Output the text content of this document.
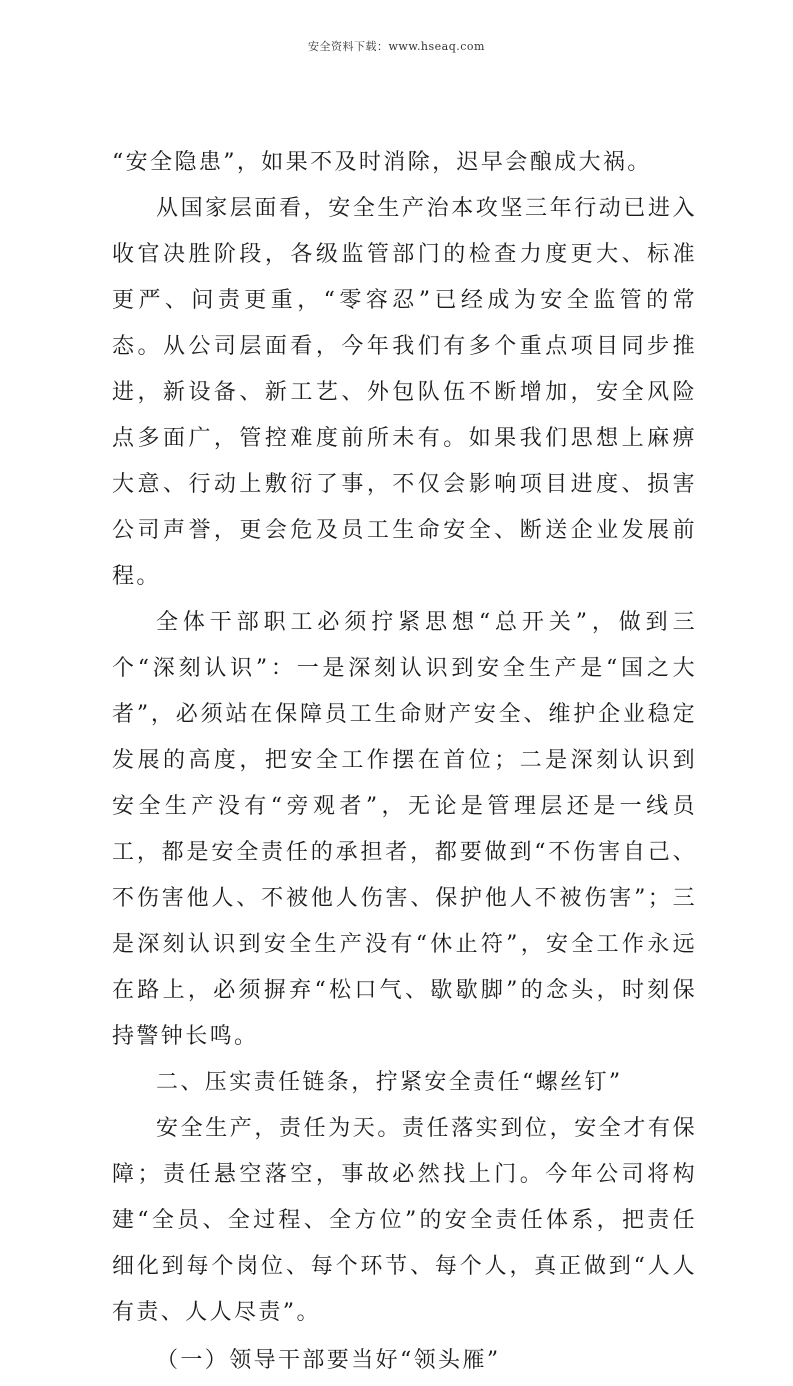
安全资料下载：www.hseaq.com

“安全隐患”，如果不及时消除，迟早会酿成大祸。

从国家层面看，安全生产治本攻坚三年行动已进入收官决胜阶段，各级监管部门的检查力度更大、标准更严、问责更重，“零容忍”已经成为安全监管的常态。从公司层面看，今年我们有多个重点项目同步推进，新设备、新工艺、外包队伍不断增加，安全风险点多面广，管控难度前所未有。如果我们思想上麻痹大意、行动上敷衍了事，不仅会影响项目进度、损害公司声誉，更会危及员工生命安全、断送企业发展前程。

全体干部职工必须拧紧思想“总开关”，做到三个“深刻认识”：一是深刻认识到安全生产是“国之大者”，必须站在保障员工生命财产安全、维护企业稳定发展的高度，把安全工作摆在首位；二是深刻认识到安全生产没有“旁观者”，无论是管理层还是一线员工，都是安全责任的承担者，都要做到“不伤害自己、不伤害他人、不被他人伤害、保护他人不被伤害”；三是深刻认识到安全生产没有“休止符”，安全工作永远在路上，必须摒弃“松口气、歇歇脚”的念头，时刻保持警钟长鸣。

二、压实责任链条，拧紧安全责任“螺丝钉”

安全生产，责任为天。责任落实到位，安全才有保障；责任悬空落空，事故必然找上门。今年公司将构建“全员、全过程、全方位”的安全责任体系，把责任细化到每个岗位、每个环节、每个人，真正做到“人人有责、人人尽责”。

（一）领导干部要当好“领头雁”
